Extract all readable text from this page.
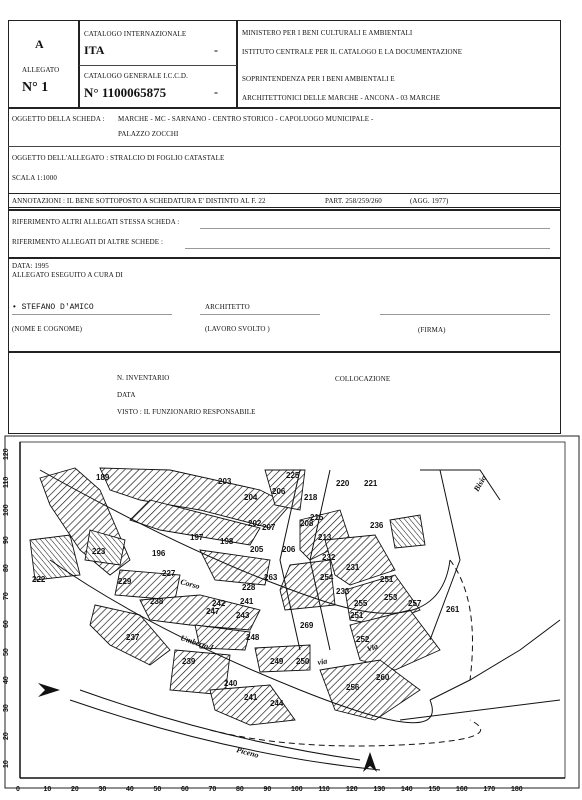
A
ALLEGATO
N° 1
CATALOGO INTERNAZIONALE
ITA	-
CATALOGO GENERALE I.C.C.D.
N° 1100065875	-
MINISTERO PER I BENI CULTURALI E AMBIENTALI
ISTITUTO CENTRALE PER IL CATALOGO E LA DOCUMENTAZIONE
SOPRINTENDENZA PER I BENI AMBIENTALI E
ARCHITETTONICI DELLE MARCHE - ANCONA - 03 MARCHE
OGGETTO DELLA SCHEDA : MARCHE - MC - SARNANO - CENTRO STORICO - CAPOLUOGO MUNICIPALE -
PALAZZO ZOCCHI
OGGETTO DELL'ALLEGATO : STRALCIO DI FOGLIO CATASTALE
SCALA 1:1000
ANNOTAZIONI : IL BENE SOTTOPOSTO A SCHEDATURA E' DISTINTO AL F. 22	PART. 258/259/260	(AGG. 1977)
RIFERIMENTO ALTRI ALLEGATI STESSA SCHEDA :
RIFERIMENTO ALLEGATI DI ALTRE SCHEDE :
DATA: 1995
ALLEGATO ESEGUITO A CURA DI
• STEFANO D'AMICO	ARCHITETTO
(NOME E COGNOME)	(LAVORO SVOLTO )	(FIRMA)
N. INVENTARIO	COLLOCAZIONE
DATA
VISTO : IL FUNZIONARIO RESPONSABILE
189	203
204
206
218
220 221
225
202 207	208
215
213
236
223	196
197 198
205 206
227
228
222	229	254
231
232
233
255
251
253
263
241
242
243
257
269
251
261
237	248
239	249 250
240	256
260
241
244
247
252
238
Corso
Umberto I
via
Piceno
Via
Bisio
0	10	20	30	40	50	60	70	80	90	100 110 120 130 140 150 160 170 180
120
110
100
90
80
70
60
50
40
30
20
10
